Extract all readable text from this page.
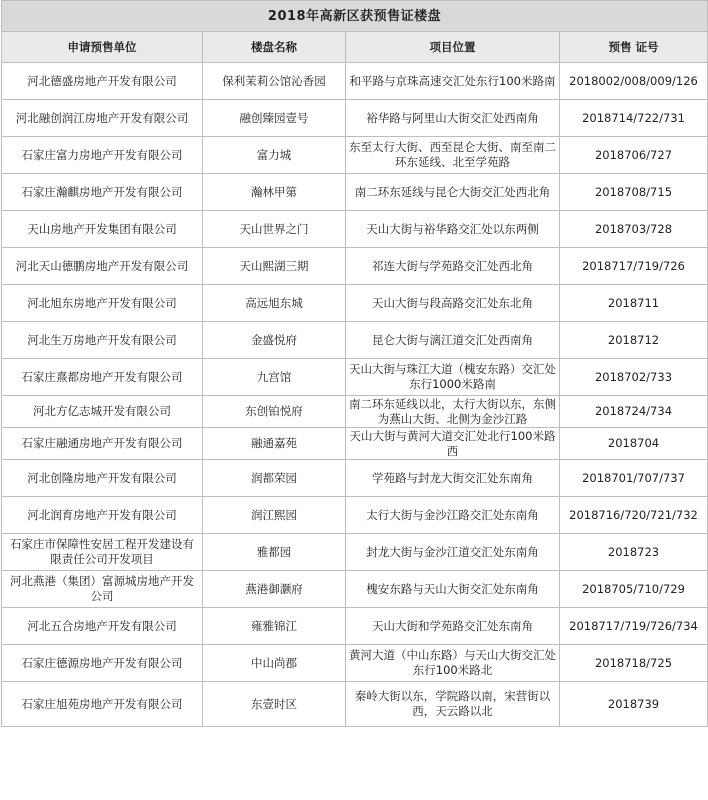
2018年高新区获预售证楼盘			
申请预售单位	楼盘名称	项目位置	预售 证号
河北德盛房地产开发有限公司	保利茉莉公馆沁香园	和平路与京珠高速交汇处东行100米路南	2018002/008/009/126
河北融创润江房地产开发有限公司	融创臻园壹号	裕华路与阿里山大街交汇处西南角	2018714/722/731
石家庄富力房地产开发有限公司	富力城	东至太行大街、西至昆仑大街、南至南二环东延线、北至学苑路	2018706/727
石家庄瀚麒房地产开发有限公司	瀚林甲第	南二环东延线与昆仑大街交汇处西北角	2018708/715
天山房地产开发集团有限公司	天山世界之门	天山大街与裕华路交汇处以东两侧	2018703/728
河北天山德鹏房地产开发有限公司	天山熙湖三期	祁连大街与学苑路交汇处西北角	2018717/719/726
河北旭东房地产开发有限公司	高远旭东城	天山大街与段高路交汇处东北角	2018711
河北生万房地产开发有限公司	金盛悦府	昆仑大街与漓江道交汇处西南角	2018712
石家庄熹都房地产开发有限公司	九宫馆	天山大街与珠江大道（槐安东路）交汇处东行1000米路南	2018702/733
河北方亿志城开发有限公司	东创铂悦府	南二环东延线以北，太行大街以东，东侧为燕山大街、北侧为金沙江路	2018724/734
石家庄融通房地产开发有限公司	融通嘉苑	天山大街与黄河大道交汇处北行100米路西	2018704
河北创隆房地产开发有限公司	润都荣园	学苑路与封龙大街交汇处东南角	2018701/707/737
河北润育房地产开发有限公司	润江熙园	太行大街与金沙江路交汇处东南角	2018716/720/721/732
石家庄市保障性安居工程开发建设有限责任公司开发项目	雅都园	封龙大街与金沙江道交汇处东南角	2018723
河北燕港（集团）富源城房地产开发公司	燕港御灏府	槐安东路与天山大街交汇处东南角	2018705/710/729
河北五合房地产开发有限公司	雍雅锦江	天山大街和学苑路交汇处东南角	2018717/719/726/734
石家庄德源房地产开发有限公司	中山尚郡	黄河大道（中山东路）与天山大街交汇处东行100米路北	2018718/725
石家庄旭苑房地产开发有限公司	东壹时区	秦岭大街以东，学院路以南，宋营街以西，天云路以北	2018739
